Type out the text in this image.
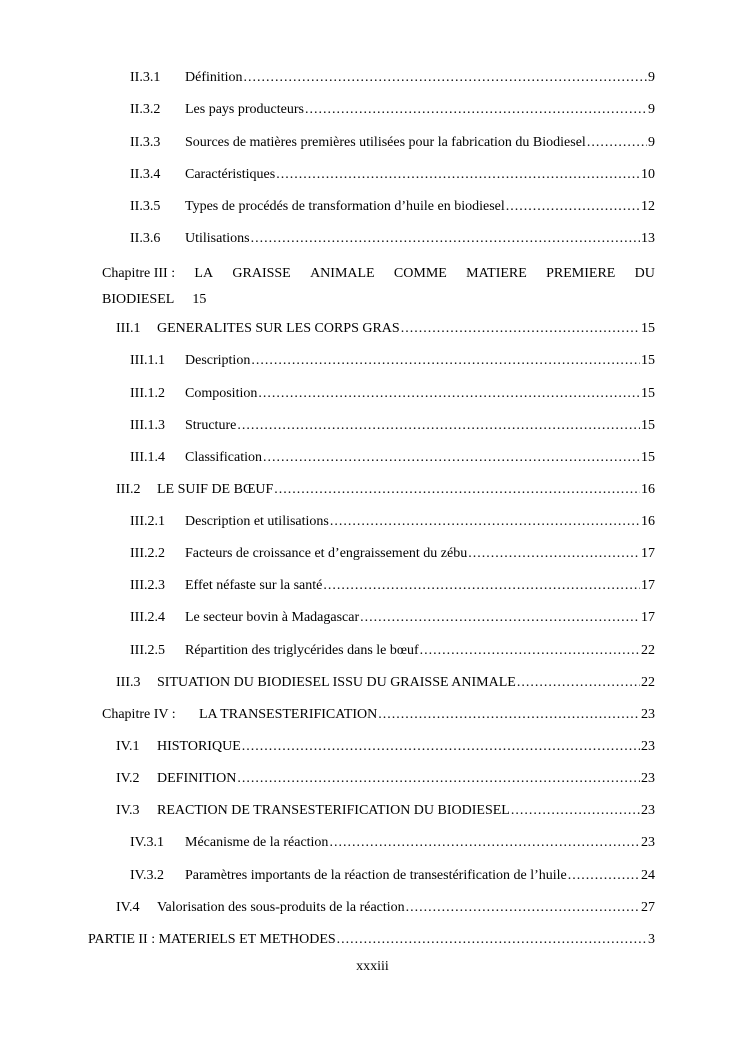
II.3.1	Définition .....	9
II.3.2	Les pays producteurs .....	9
II.3.3	Sources de matières premières utilisées pour la fabrication du Biodiesel .....	9
II.3.4	Caractéristiques .....	10
II.3.5	Types de procédés de transformation d’huile en biodiesel .....	12
II.3.6	Utilisations .....	13
Chapitre III : LA GRAISSE ANIMALE COMME MATIERE PREMIERE DU
BIODIESEL 15
III.1	GENERALITES SUR LES CORPS GRAS .....	15
III.1.1	Description .....	15
III.1.2	Composition .....	15
III.1.3	Structure .....	15
III.1.4	Classification .....	15
III.2	LE SUIF DE BŒUF .....	16
III.2.1	Description et utilisations .....	16
III.2.2	Facteurs de croissance et d’engraissement du zébu .....	17
III.2.3	Effet néfaste sur la santé .....	17
III.2.4	Le secteur bovin à Madagascar .....	17
III.2.5	Répartition des triglycérides dans le bœuf .....	22
III.3	SITUATION DU BIODIESEL ISSU DU GRAISSE ANIMALE .....	22
Chapitre IV :	LA TRANSESTERIFICATION .....	23
IV.1	HISTORIQUE .....	23
IV.2	DEFINITION .....	23
IV.3	REACTION DE TRANSESTERIFICATION DU BIODIESEL .....	23
IV.3.1	Mécanisme de la réaction .....	23
IV.3.2	Paramètres importants de la réaction de transestérification de l’huile .....	24
IV.4	Valorisation des sous-produits de la réaction .....	27
PARTIE II : MATERIELS ET METHODES .....	3
xxxiii
